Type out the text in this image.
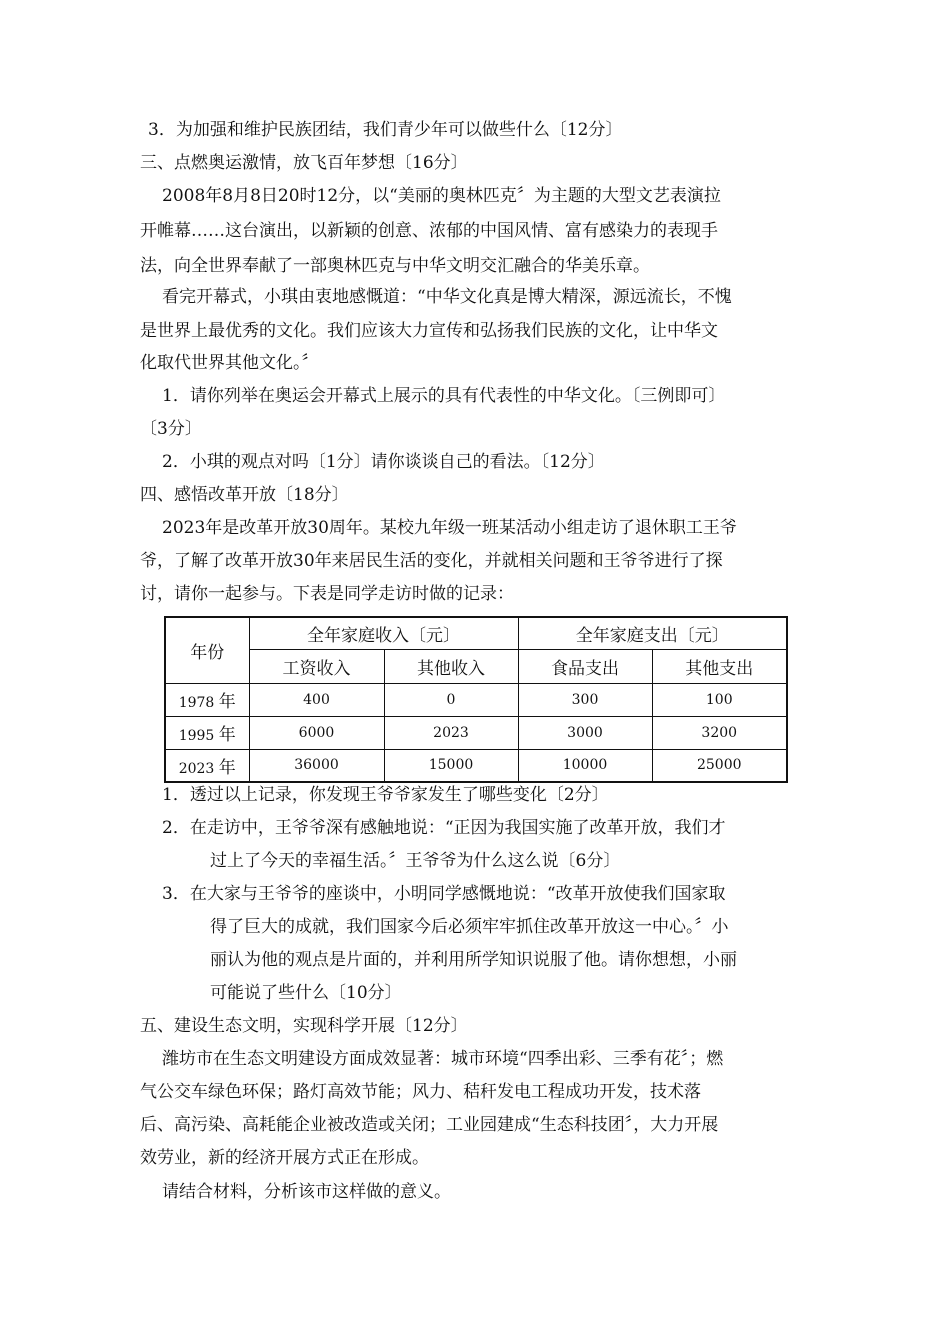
3．为加强和维护民族团结，我们青少年可以做些什么〔12分〕
三、点燃奥运激情，放飞百年梦想〔16分〕
2008年8月8日20时12分，以“美丽的奥林匹克〞为主题的大型文艺表演拉
开帷幕……这台演出，以新颖的创意、浓郁的中国风情、富有感染力的表现手
法，向全世界奉献了一部奥林匹克与中华文明交汇融合的华美乐章。
看完开幕式，小琪由衷地感慨道：“中华文化真是博大精深，源远流长，不愧
是世界上最优秀的文化。我们应该大力宣传和弘扬我们民族的文化，让中华文
化取代世界其他文化。〞
1．请你列举在奥运会开幕式上展示的具有代表性的中华文化。〔三例即可〕
〔3分〕
2．小琪的观点对吗〔1分〕请你谈谈自己的看法。〔12分〕
四、感悟改革开放〔18分〕
2023年是改革开放30周年。某校九年级一班某活动小组走访了退休职工王爷
爷，了解了改革开放30年来居民生活的变化，并就相关问题和王爷爷进行了探
讨，请你一起参与。下表是同学走访时做的记录：
年份	全年家庭收入〔元〕		全年家庭支出〔元〕	
	工资收入	其他收入	食品支出	其他支出
1978 年	400	0	300	100
1995 年	6000	2023	3000	3200
2023 年	36000	15000	10000	25000
1．透过以上记录，你发现王爷爷家发生了哪些变化〔2分〕
2．在走访中，王爷爷深有感触地说：“正因为我国实施了改革开放，我们才
过上了今天的幸福生活。〞王爷爷为什么这么说〔6分〕
3．在大家与王爷爷的座谈中，小明同学感慨地说：“改革开放使我们国家取
得了巨大的成就，我们国家今后必须牢牢抓住改革开放这一中心。〞小
丽认为他的观点是片面的，并利用所学知识说服了他。请你想想，小丽
可能说了些什么〔10分〕
五、建设生态文明，实现科学开展〔12分〕
潍坊市在生态文明建设方面成效显著：城市环境“四季出彩、三季有花〞；燃
气公交车绿色环保；路灯高效节能；风力、秸秆发电工程成功开发，技术落
后、高污染、高耗能企业被改造或关闭；工业园建成“生态科技团〞，大力开展
效劳业，新的经济开展方式正在形成。
请结合材料，分析该市这样做的意义。
